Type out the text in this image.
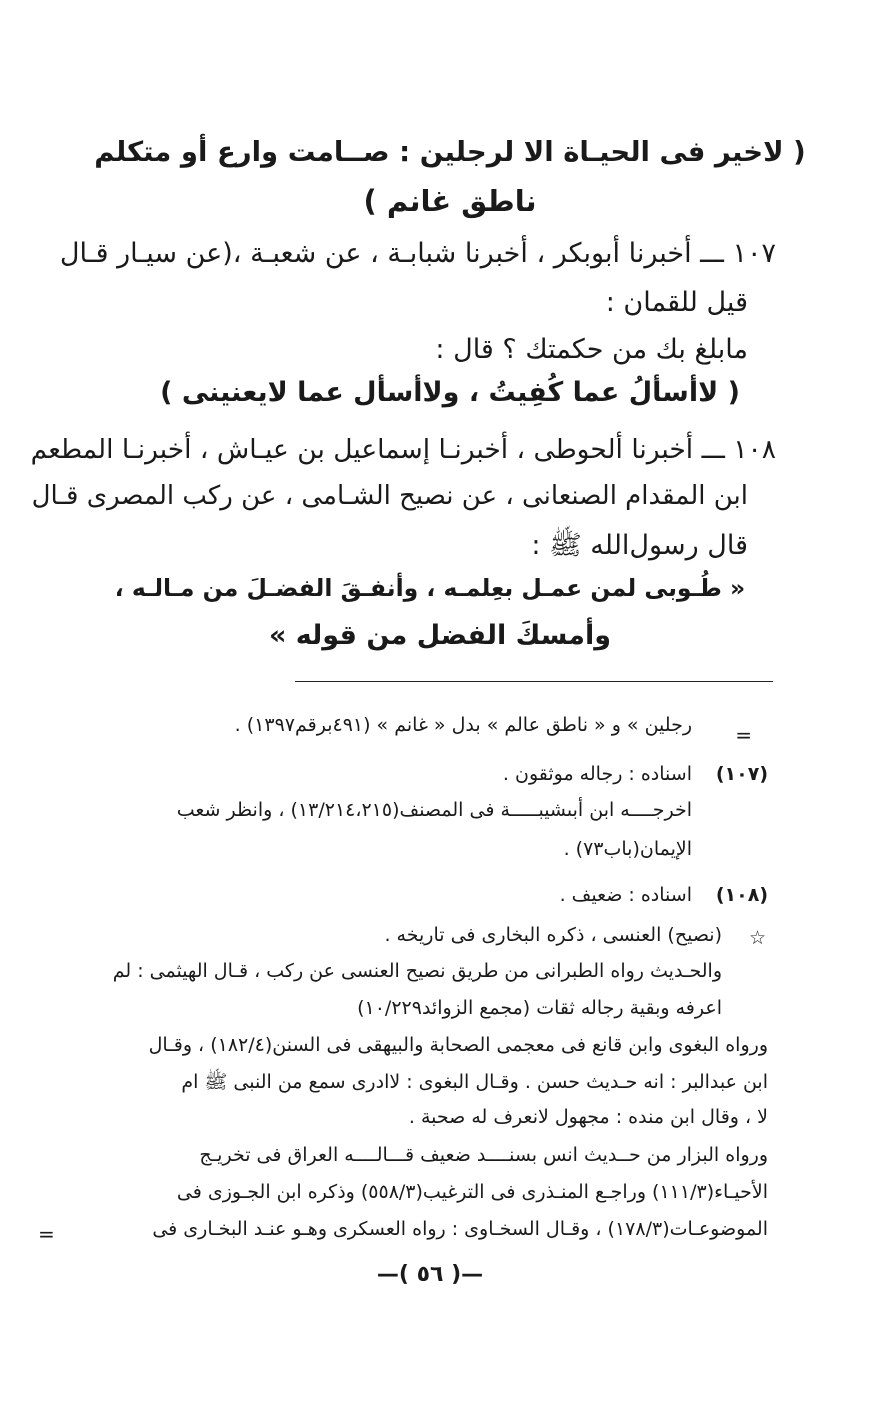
( لاخير فى الحيـاة الا لرجلين : صــامت وارع أو متكلم
ناطق غانم )
١٠٧ ـــ أخبرنا أبوبكر ، أخبرنا شبابـة ، عن شعبـة ،(عن سيـار قـال
قيل للقمان :
مابلغ بك من حكمتك ؟ قال :
( لاأسألُ عما كُفِيتُ ، ولاأسأل عما لايعنينى )
١٠٨ ـــ أخبرنا ألحوطى ، أخبرنـا إسماعيل بن عيـاش ، أخبرنـا المطعم
ابن المقدام الصنعانى ، عن نصيح الشـامى ، عن ركب المصرى قـال
قال رسول‌الله ﷺ :
« طُـوبى لمن عمـل بعِلمـه ، وأنفـقَ الفضـلَ من مـالـه ،
وأمسكَ الفضل من قوله »
=
رجلين » و « ناطق عالم » بدل « غانم » (٤٩١برقم١٣٩٧) .
(١٠٧)
اسناده : رجاله موثقون .
اخرجــــه ابن أبىشيبـــــة فى المصنف(١٣/٢١٤،٢١٥) ، وانظر شعب
الإيمان(باب٧٣) .
(١٠٨)
اسناده : ضعيف .
☆
(نصيح) العنسى ، ذكره البخارى فى تاريخه .
والحـديث رواه الطبرانى من طريق نصيح العنسى عن ركب ، قـال الهيثمى : لم
اعرفه وبقية رجاله ثقات (مجمع الزوائد١٠/٢٢٩)
ورواه البغوى وابن قانع فى معجمى الصحابة والبيهقى فى السنن(١٨٢/٤) ، وقـال
ابن عبدالبر : انه حـديث حسن . وقـال البغوى : لاادرى سمع من النبى ﷺ ام
لا ، وقال ابن منده : مجهول لانعرف له صحبة .
ورواه البزار من حــديث انس بسنــــد ضعيف قـــالــــه العراق فى تخريـج
الأحيـاء(١١١/٣) وراجـع المنـذرى فى الترغيب(٥٥٨/٣) وذكره ابن الجـوزى فى
الموضوعـات(١٧٨/٣) ، وقـال السخـاوى : رواه العسكرى وهـو عنـد البخـارى فى
=
—( ٥٦ )—
